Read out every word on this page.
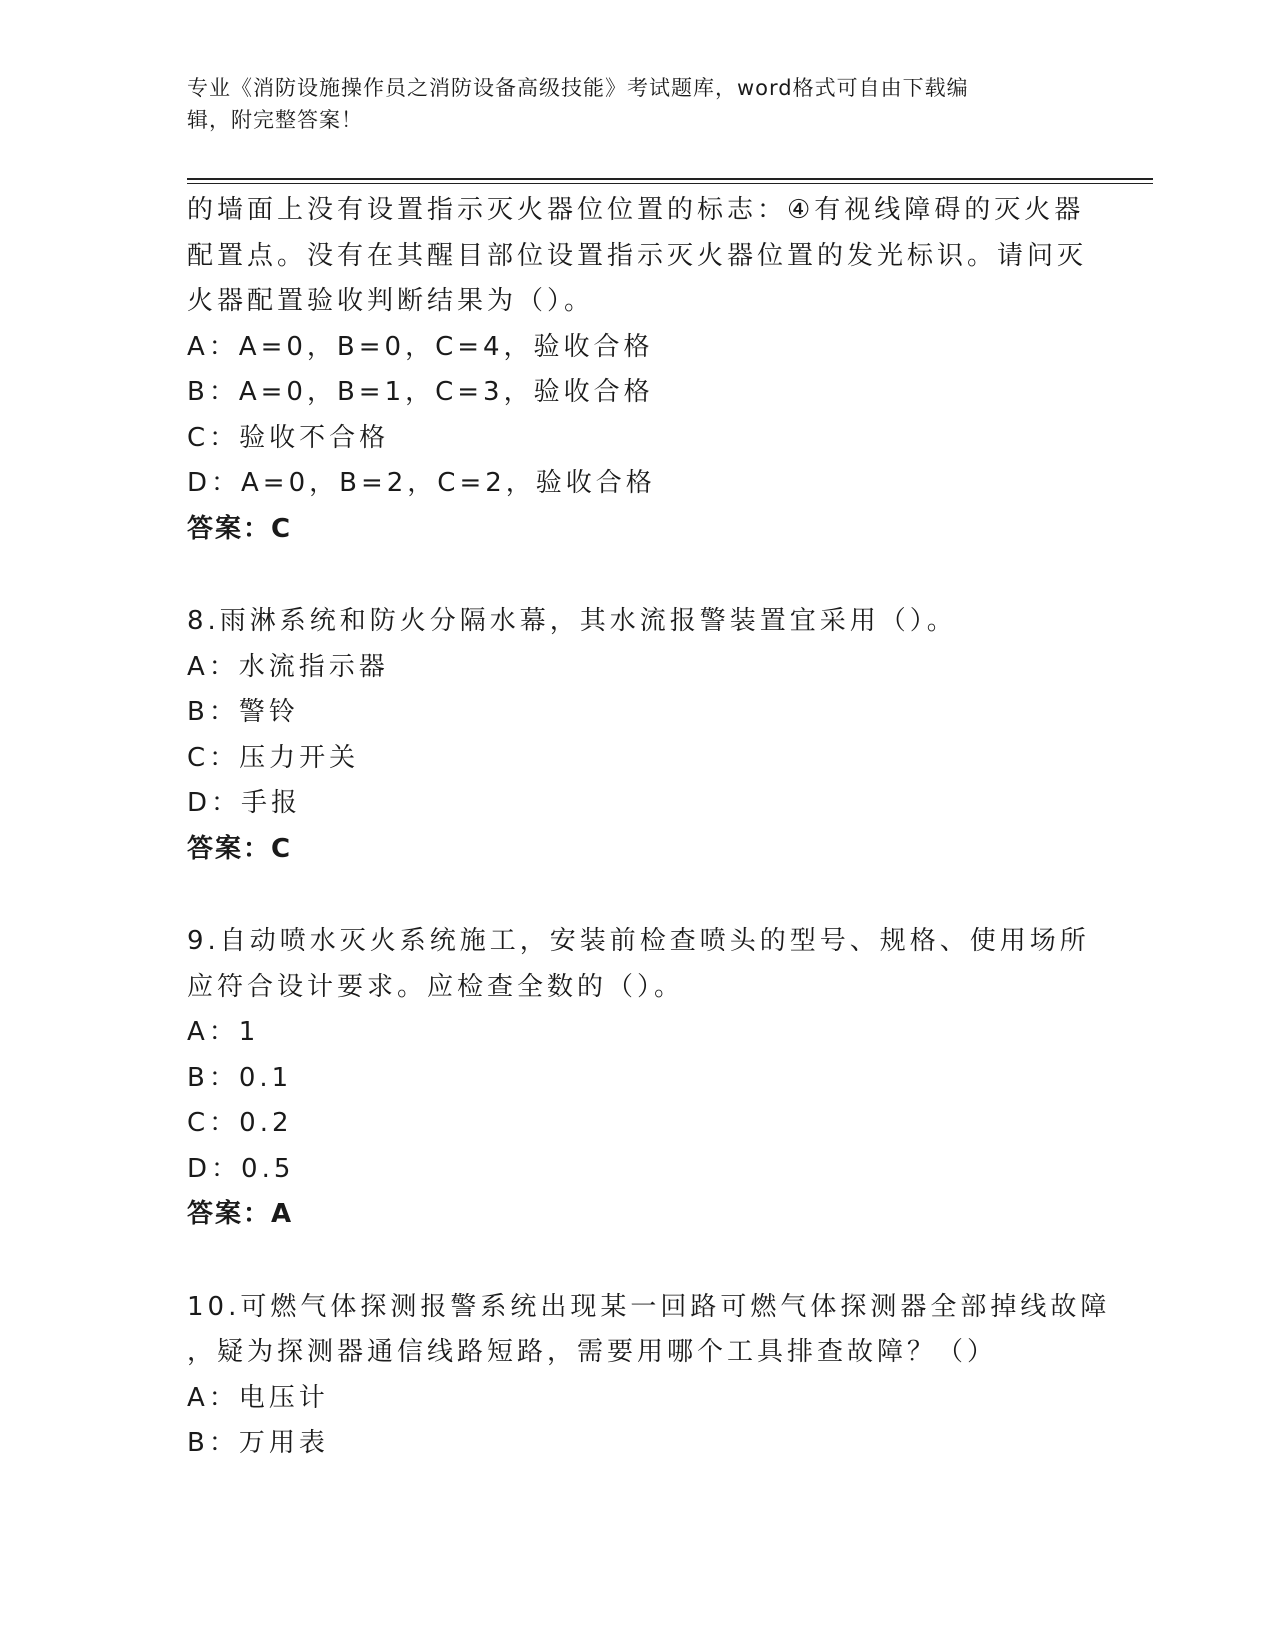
专业《消防设施操作员之消防设备高级技能》考试题库，word格式可自由下载编
辑，附完整答案！
的墙面上没有设置指示灭火器位位置的标志：④有视线障碍的灭火器
配置点。没有在其醒目部位设置指示灭火器位置的发光标识。请问灭
火器配置验收判断结果为（）。
A：A=0，B=0，C=4，验收合格
B：A=0，B=1，C=3，验收合格
C：验收不合格
D：A=0，B=2，C=2，验收合格
答案：C
8.雨淋系统和防火分隔水幕，其水流报警装置宜采用（）。
A：水流指示器
B：警铃
C：压力开关
D：手报
答案：C
9.自动喷水灭火系统施工，安装前检查喷头的型号、规格、使用场所
应符合设计要求。应检查全数的（）。
A：1
B：0.1
C：0.2
D：0.5
答案：A
10.可燃气体探测报警系统出现某一回路可燃气体探测器全部掉线故障
，疑为探测器通信线路短路，需要用哪个工具排查故障？（）
A：电压计
B：万用表
